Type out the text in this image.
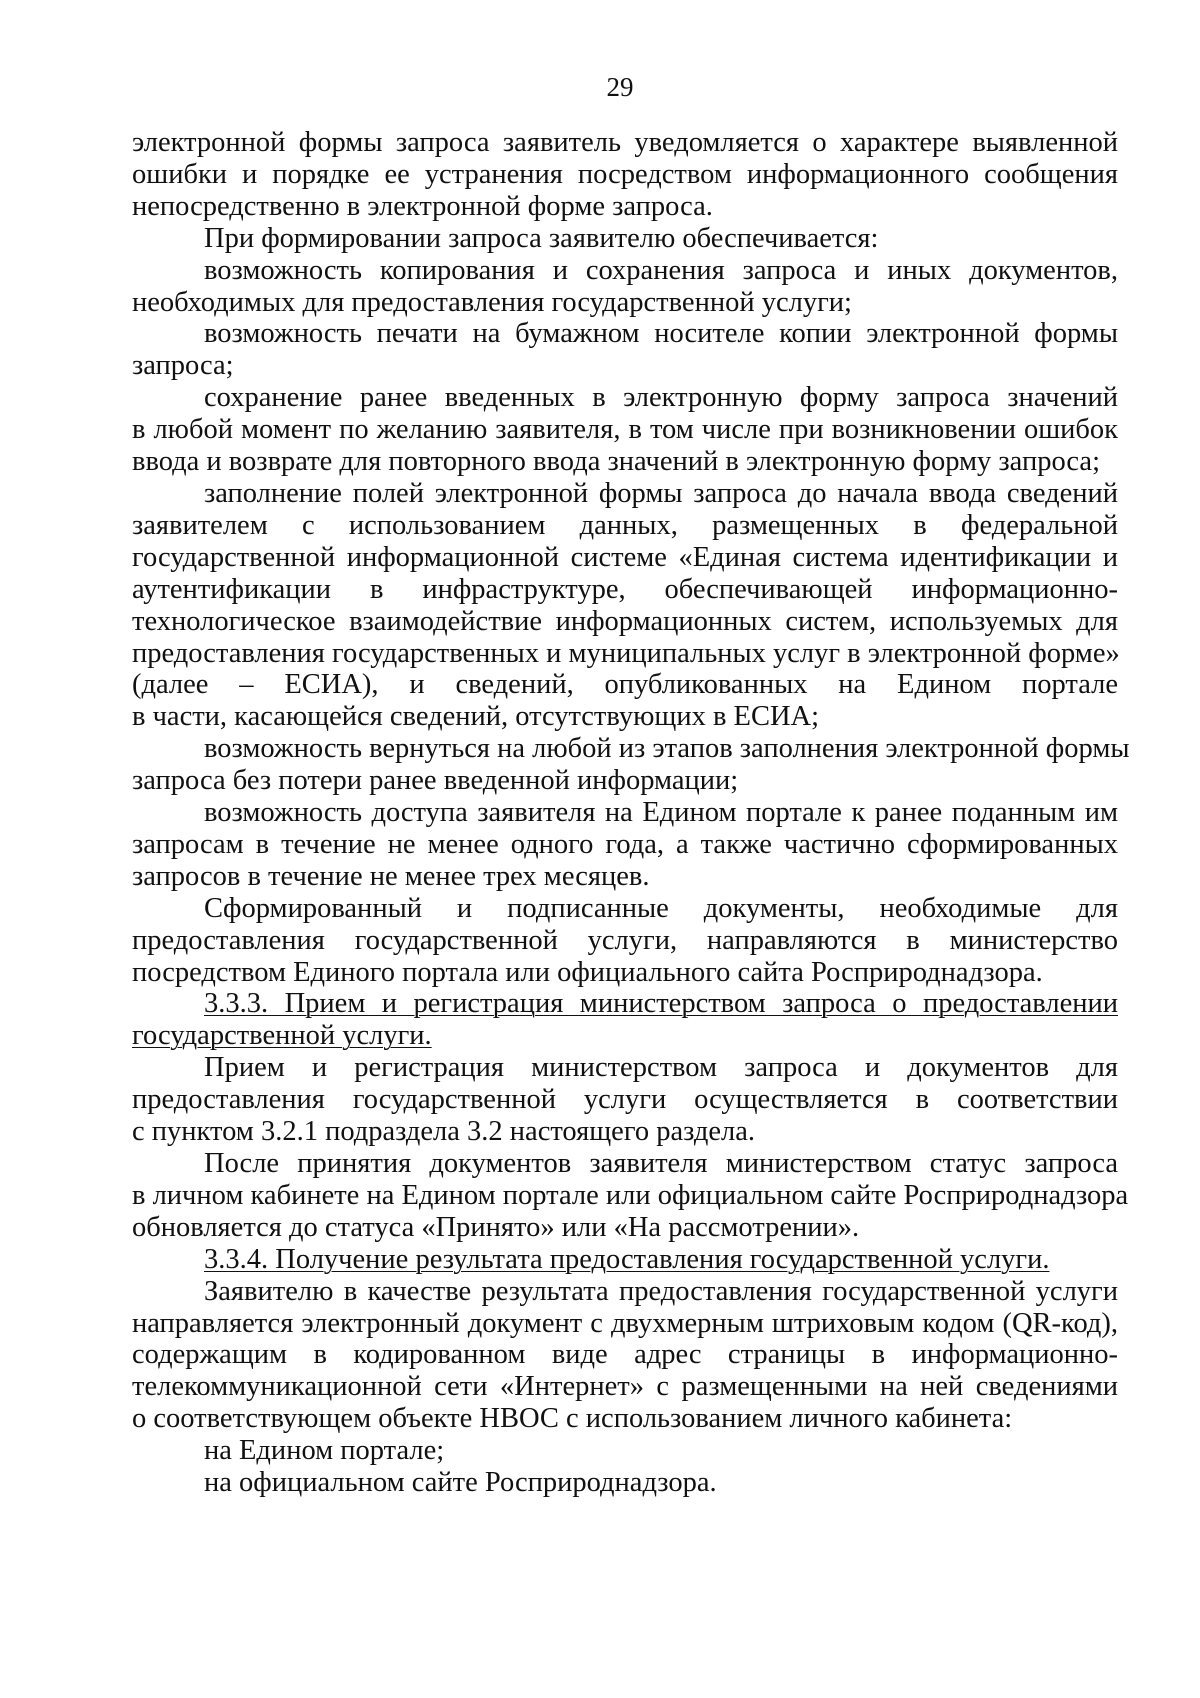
29
электронной формы запроса заявитель уведомляется о характере выявленной
ошибки и порядке ее устранения посредством информационного сообщения
непосредственно в электронной форме запроса.
При формировании запроса заявителю обеспечивается:
возможность копирования и сохранения запроса и иных документов,
необходимых для предоставления государственной услуги;
возможность печати на бумажном носителе копии электронной формы
запроса;
сохранение ранее введенных в электронную форму запроса значений
в любой момент по желанию заявителя, в том числе при возникновении ошибок
ввода и возврате для повторного ввода значений в электронную форму запроса;
заполнение полей электронной формы запроса до начала ввода сведений
заявителем с использованием данных, размещенных в федеральной
государственной информационной системе «Единая система идентификации и
аутентификации в инфраструктуре, обеспечивающей информационно-
технологическое взаимодействие информационных систем, используемых для
предоставления государственных и муниципальных услуг в электронной форме»
(далее – ЕСИА), и сведений, опубликованных на Едином портале
в части, касающейся сведений, отсутствующих в ЕСИА;
возможность вернуться на любой из этапов заполнения электронной формы
запроса без потери ранее введенной информации;
возможность доступа заявителя на Едином портале к ранее поданным им
запросам в течение не менее одного года, а также частично сформированных
запросов в течение не менее трех месяцев.
Сформированный и подписанные документы, необходимые для
предоставления государственной услуги, направляются в министерство
посредством Единого портала или официального сайта Росприроднадзора.
3.3.3. Прием и регистрация министерством запроса о предоставлении
государственной услуги.
Прием и регистрация министерством запроса и документов для
предоставления государственной услуги осуществляется в соответствии
с пунктом 3.2.1 подраздела 3.2 настоящего раздела.
После принятия документов заявителя министерством статус запроса
в личном кабинете на Едином портале или официальном сайте Росприроднадзора
обновляется до статуса «Принято» или «На рассмотрении».
3.3.4. Получение результата предоставления государственной услуги.
Заявителю в качестве результата предоставления государственной услуги
направляется электронный документ с двухмерным штриховым кодом (QR-код),
содержащим в кодированном виде адрес страницы в информационно-
телекоммуникационной сети «Интернет» с размещенными на ней сведениями
о соответствующем объекте НВОС с использованием личного кабинета:
на Едином портале;
на официальном сайте Росприроднадзора.
